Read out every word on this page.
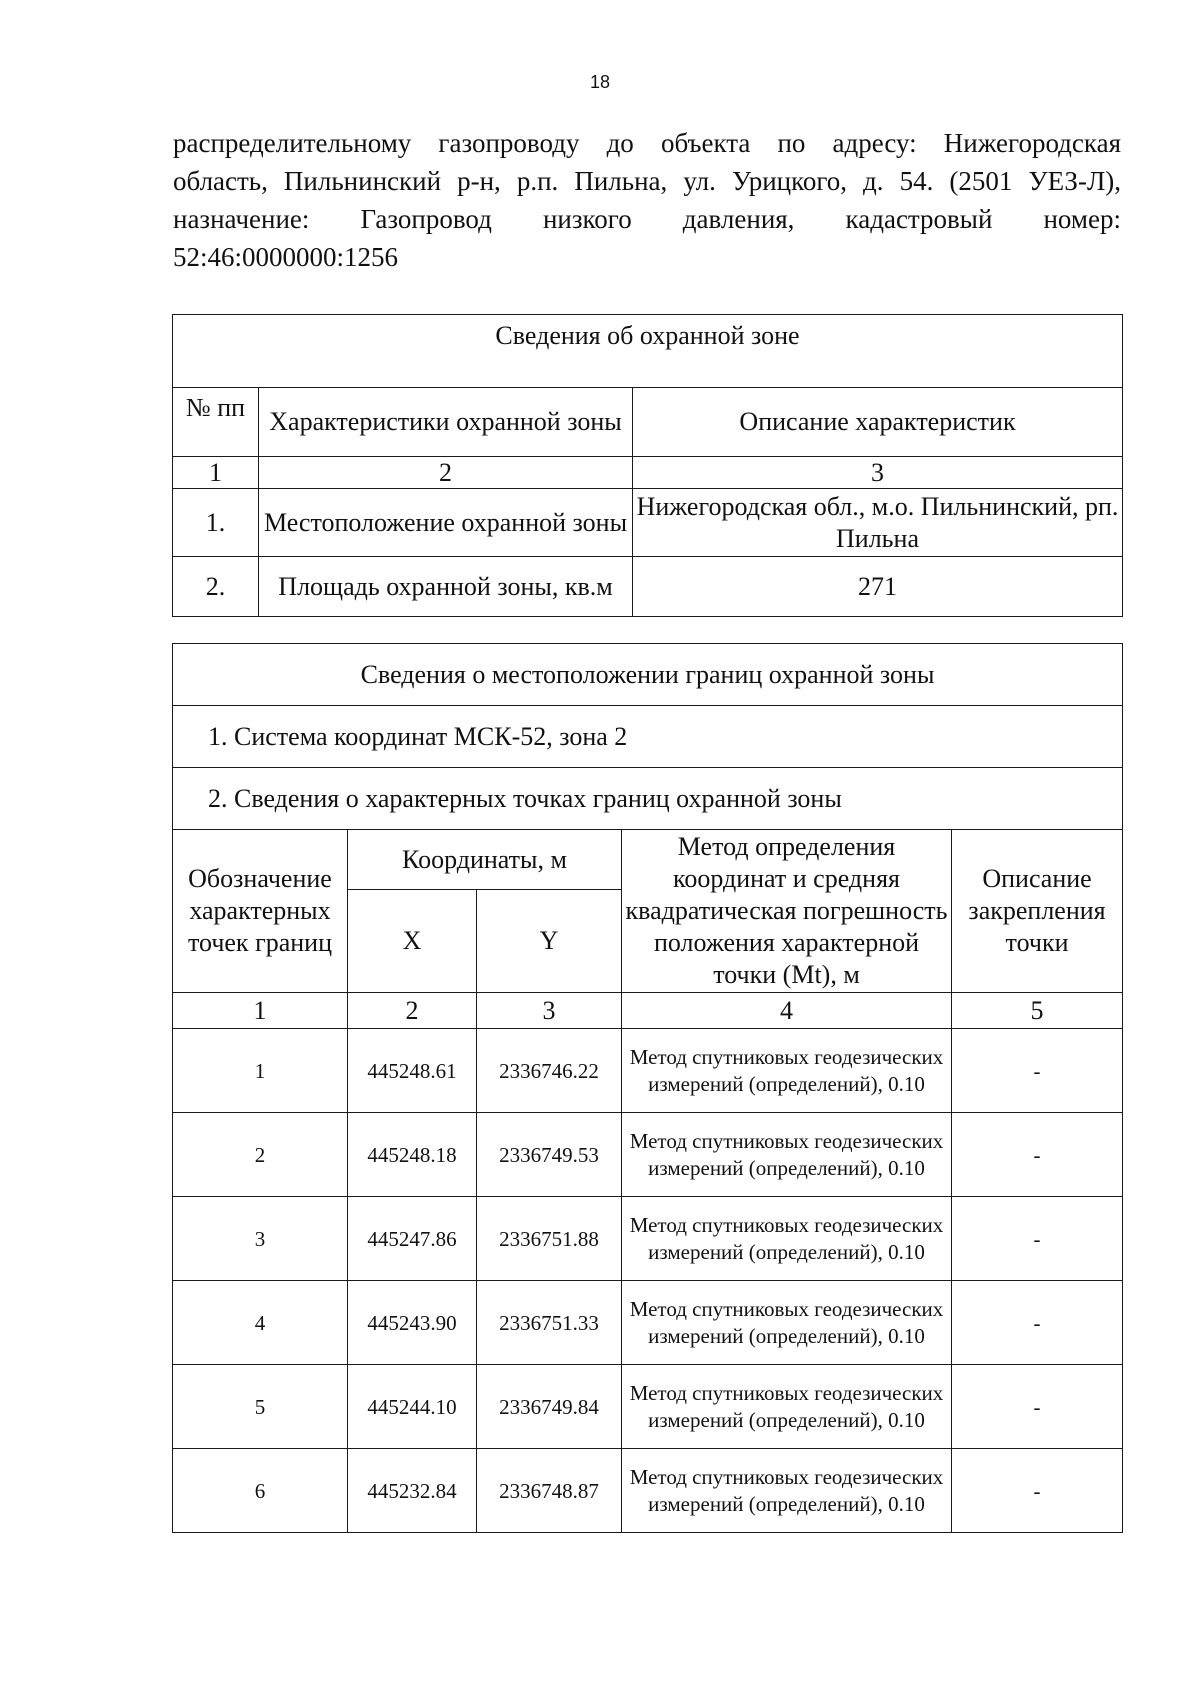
18
распределительному газопроводу до объекта по адресу: Нижегородская
область, Пильнинский р-н, р.п. Пильна, ул. Урицкого, д. 54. (2501 УЕЗ-Л),
назначение: Газопровод низкого давления, кадастровый номер:
52:46:0000000:1256
Сведения об охранной зоне		
№ пп	Характеристики охранной зоны	Описание характеристик
1	2	3
1.	Местоположение охранной зоны	Нижегородская обл., м.о. Пильнинский, рп. Пильна
2.	Площадь охранной зоны, кв.м	271
Сведения о местоположении границ охранной зоны				
1. Система координат МСК-52, зона 2				
2. Сведения о характерных точках границ охранной зоны				
Обозначение характерных точек границ	Координаты, м		Метод определения координат и средняя квадратическая погрешность положения характерной точки (Mt), м	Описание закрепления точки
	X	Y		
1	2	3	4	5
1	445248.61	2336746.22	Метод спутниковых геодезических измерений (определений), 0.10	-
2	445248.18	2336749.53	Метод спутниковых геодезических измерений (определений), 0.10	-
3	445247.86	2336751.88	Метод спутниковых геодезических измерений (определений), 0.10	-
4	445243.90	2336751.33	Метод спутниковых геодезических измерений (определений), 0.10	-
5	445244.10	2336749.84	Метод спутниковых геодезических измерений (определений), 0.10	-
6	445232.84	2336748.87	Метод спутниковых геодезических измерений (определений), 0.10	-
